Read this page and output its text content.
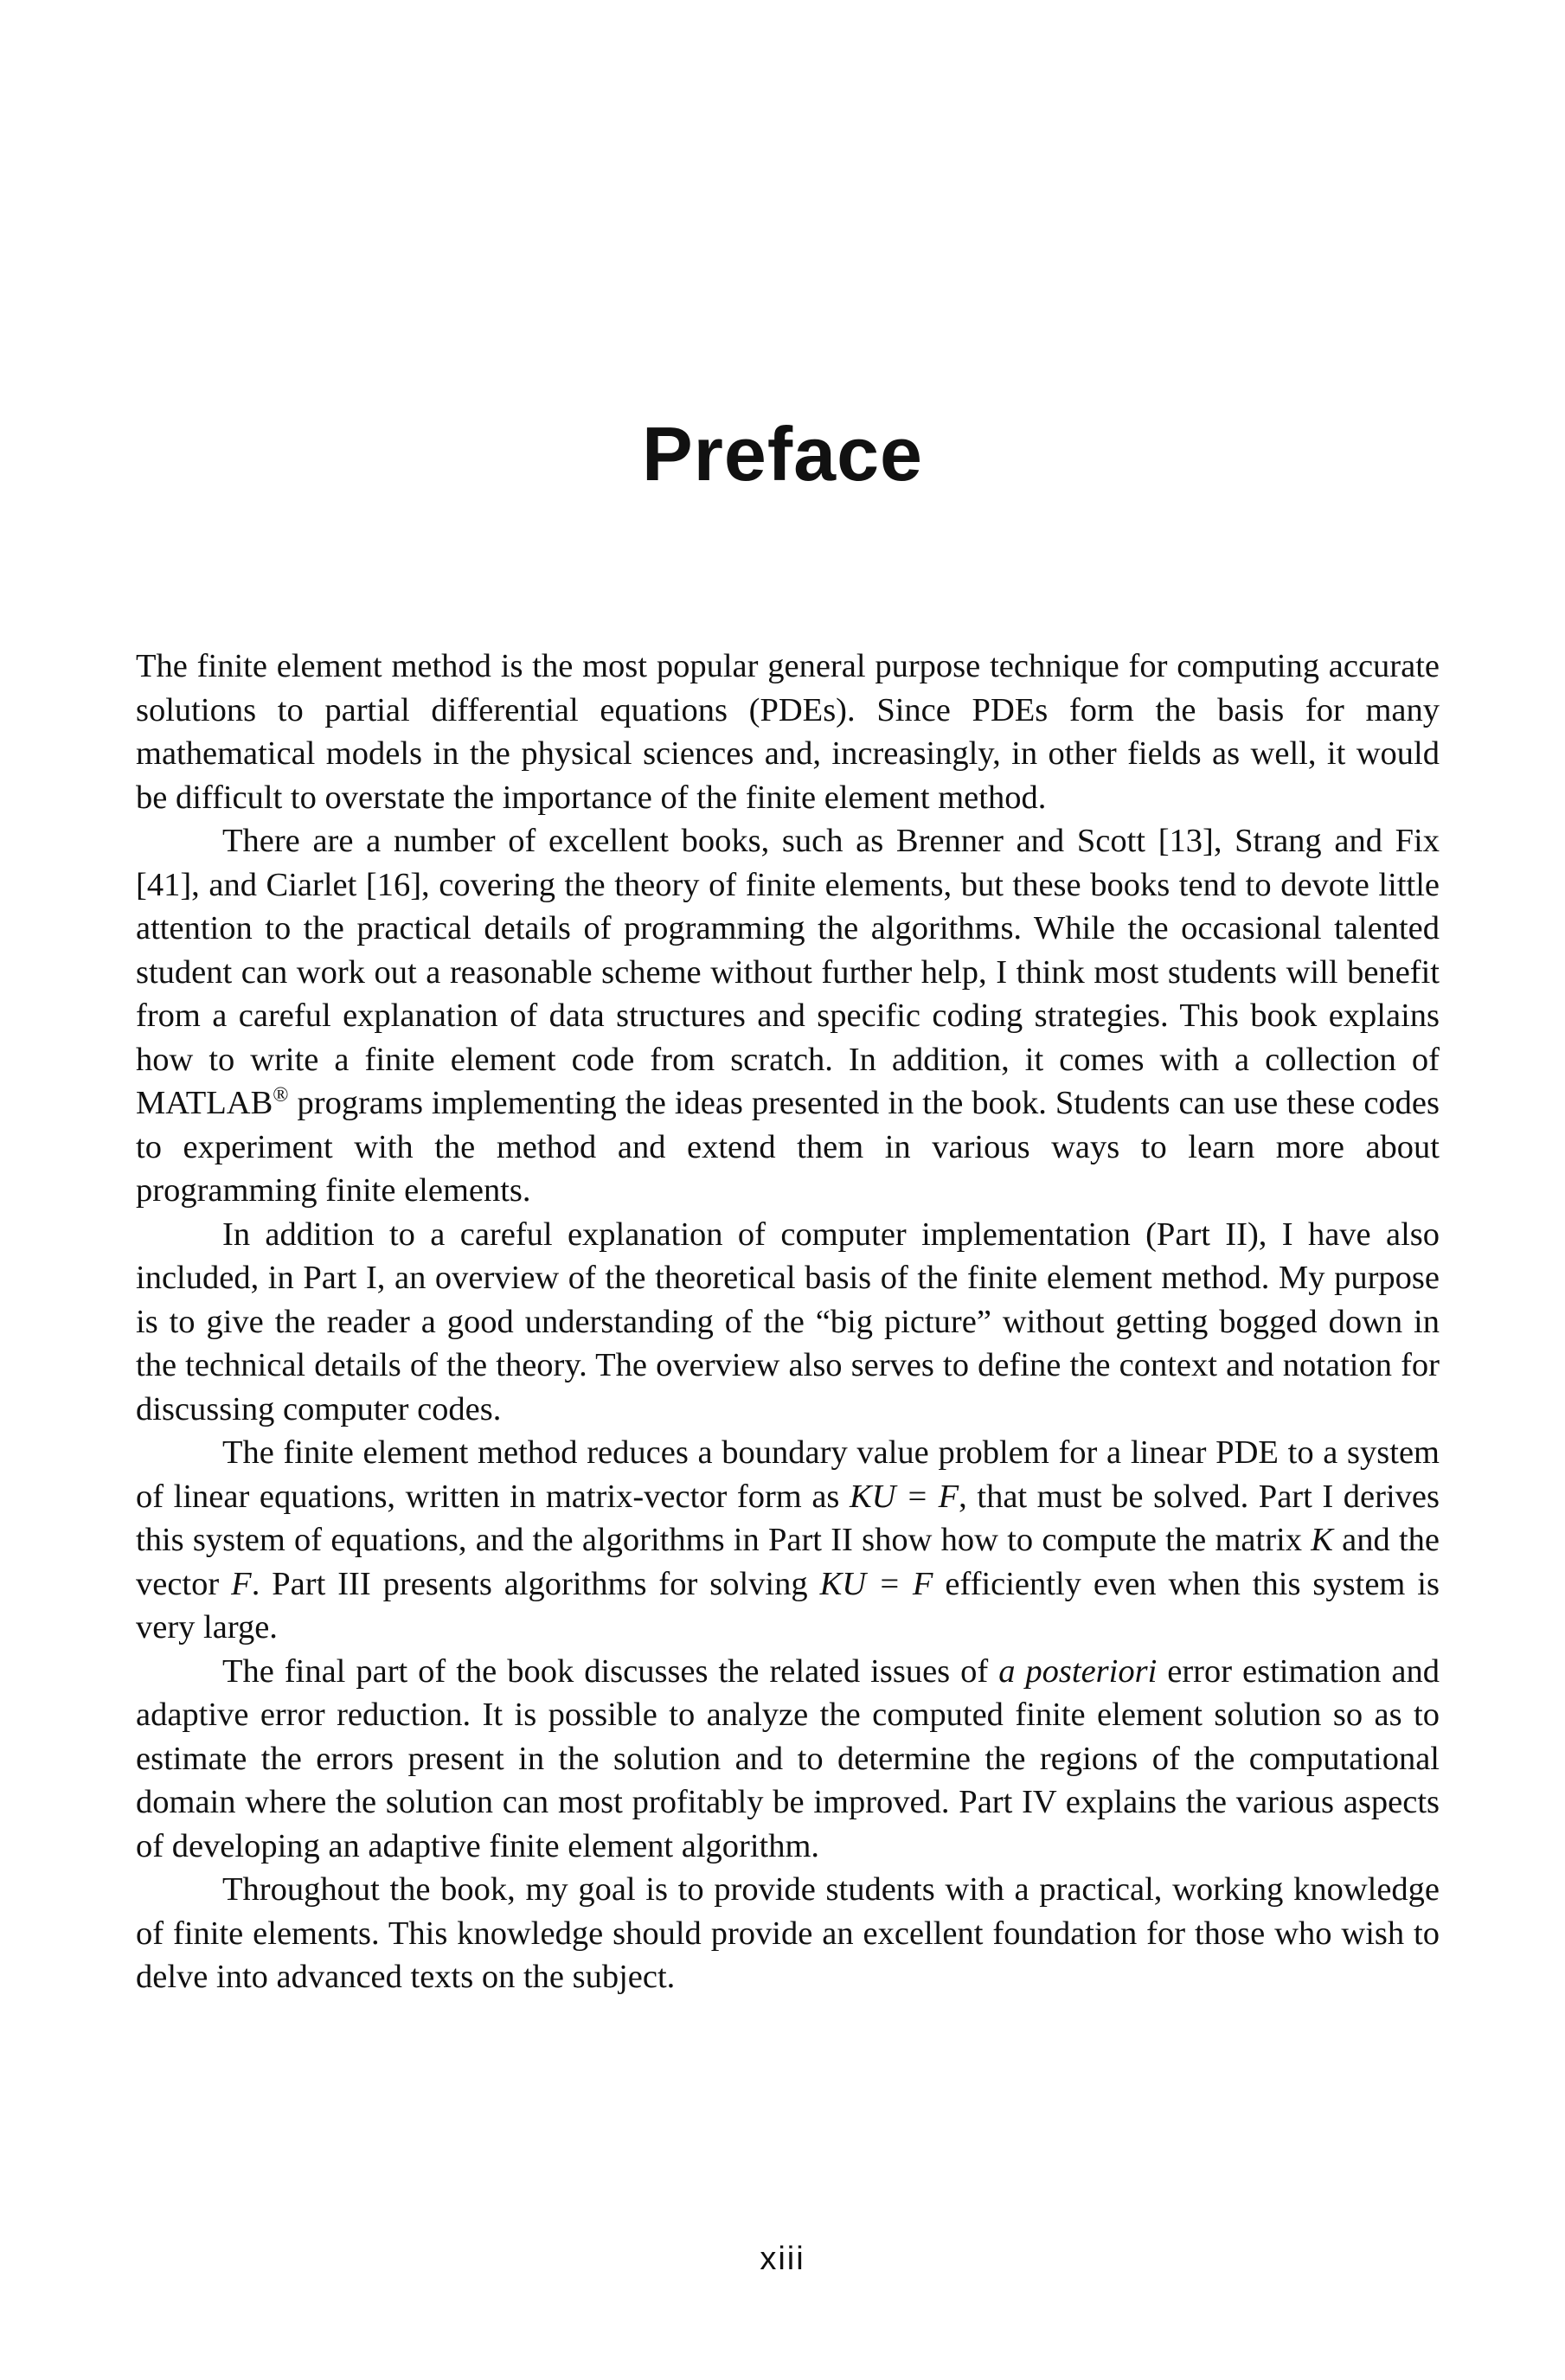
Preface

The finite element method is the most popular general purpose technique for computing accurate solutions to partial differential equations (PDEs). Since PDEs form the basis for many mathematical models in the physical sciences and, increasingly, in other fields as well, it would be difficult to overstate the importance of the finite element method.

There are a number of excellent books, such as Brenner and Scott [13], Strang and Fix [41], and Ciarlet [16], covering the theory of finite elements, but these books tend to devote little attention to the practical details of programming the algorithms. While the occasional talented student can work out a reasonable scheme without further help, I think most students will benefit from a careful explanation of data structures and specific coding strategies. This book explains how to write a finite element code from scratch. In addition, it comes with a collection of MATLAB® programs implementing the ideas presented in the book. Students can use these codes to experiment with the method and extend them in various ways to learn more about programming finite elements.

In addition to a careful explanation of computer implementation (Part II), I have also included, in Part I, an overview of the theoretical basis of the finite element method. My purpose is to give the reader a good understanding of the “big picture” without getting bogged down in the technical details of the theory. The overview also serves to define the context and notation for discussing computer codes.

The finite element method reduces a boundary value problem for a linear PDE to a system of linear equations, written in matrix-vector form as KU = F, that must be solved. Part I derives this system of equations, and the algorithms in Part II show how to compute the matrix K and the vector F. Part III presents algorithms for solving KU = F efficiently even when this system is very large.

The final part of the book discusses the related issues of a posteriori error estimation and adaptive error reduction. It is possible to analyze the computed finite element solution so as to estimate the errors present in the solution and to determine the regions of the computational domain where the solution can most profitably be improved. Part IV explains the various aspects of developing an adaptive finite element algorithm.

Throughout the book, my goal is to provide students with a practical, working knowledge of finite elements. This knowledge should provide an excellent foundation for those who wish to delve into advanced texts on the subject.

xiii
